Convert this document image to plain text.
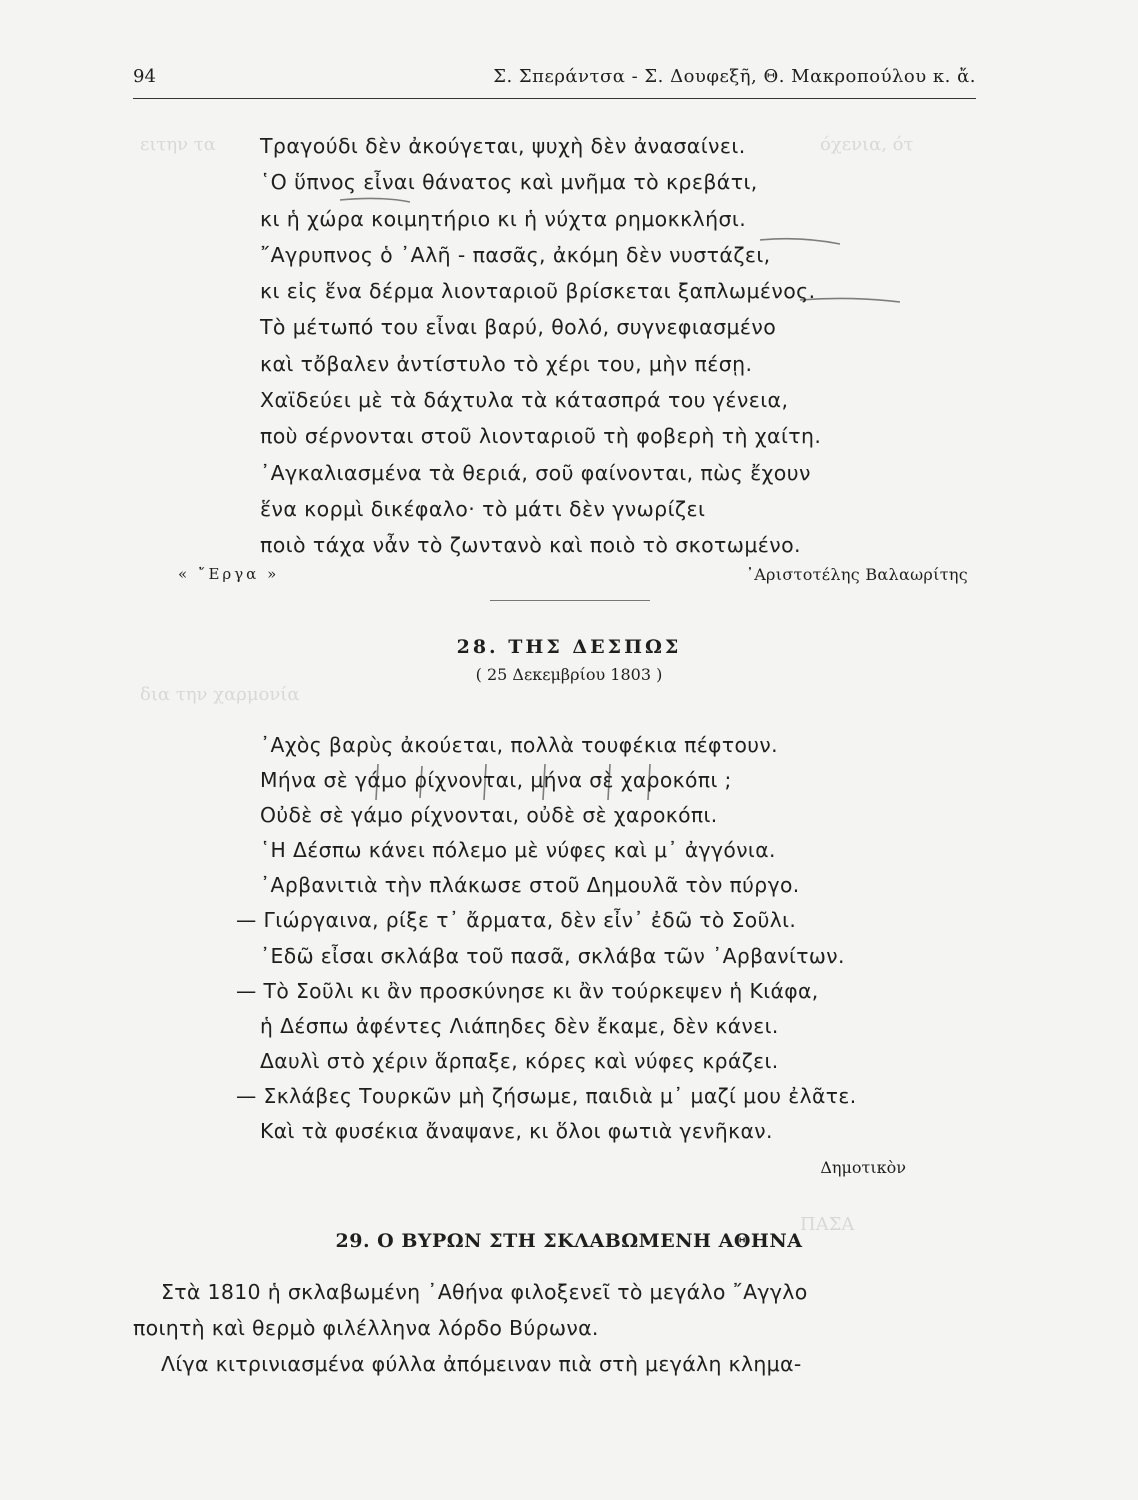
ειτην τα	όχενια, ότ
δια την χαρμονία
ΠΑΣΑ
94	Σ. Σπεράντσα - Σ. Δουφεξῆ, Θ. Μακροπούλου κ. ἄ.
Τραγούδι δὲν ἀκούγεται, ψυχὴ δὲν ἀνασαίνει.
῾Ο ὕπνος εἶναι θάνατος καὶ μνῆμα τὸ κρεβάτι,
κι ἡ χώρα κοιμητήριο κι ἡ νύχτα ρημοκκλήσι.
῎Αγρυπνος ὁ ᾿Αλῆ - πασᾶς, ἀκόμη δὲν νυστάζει,
κι εἰς ἕνα δέρμα λιονταριοῦ βρίσκεται ξαπλωμένος.
Τὸ μέτωπό του εἶναι βαρύ, θολό, συγνεφιασμένο
καὶ τὄβαλεν ἀντίστυλο τὸ χέρι του, μὴν πέσῃ.
Χαϊδεύει μὲ τὰ δάχτυλα τὰ κάτασπρά του γένεια,
ποὺ σέρνονται στοῦ λιονταριοῦ τὴ φοβερὴ τὴ χαίτη.
᾿Αγκαλιασμένα τὰ θεριά, σοῦ φαίνονται, πὼς ἔχουν
ἕνα κορμὶ δικέφαλο· τὸ μάτι δὲν γνωρίζει
ποιὸ τάχα νἆν τὸ ζωντανὸ καὶ ποιὸ τὸ σκοτωμένο.
« ῎Εργα »	᾿Αριστοτέλης Βαλαωρίτης
28. ΤΗΣ ΔΕΣΠΩΣ
( 25 Δεκεμβρίου 1803 )
᾿Αχὸς βαρὺς ἀκούεται, πολλὰ τουφέκια πέφτουν.
Μήνα σὲ γάμο ρίχνονται, μήνα σὲ χαροκόπι ;
Οὐδὲ σὲ γάμο ρίχνονται, οὐδὲ σὲ χαροκόπι.
῾Η Δέσπω κάνει πόλεμο μὲ νύφες καὶ μ᾿ ἀγγόνια.
᾿Αρβανιτιὰ τὴν πλάκωσε στοῦ Δημουλᾶ τὸν πύργο.
— Γιώργαινα, ρίξε τ᾿ ἄρματα, δὲν εἶν᾿ ἐδῶ τὸ Σοῦλι.
᾿Εδῶ εἶσαι σκλάβα τοῦ πασᾶ, σκλάβα τῶν ᾿Αρβανίτων.
— Τὸ Σοῦλι κι ἂν προσκύνησε κι ἂν τούρκεψεν ἡ Κιάφα,
ἡ Δέσπω ἀφέντες Λιάπηδες δὲν ἔκαμε, δὲν κάνει.
Δαυλὶ στὸ χέριν ἅρπαξε, κόρες καὶ νύφες κράζει.
— Σκλάβες Τουρκῶν μὴ ζήσωμε, παιδιὰ μ᾿ μαζί μου ἐλᾶτε.
Καὶ τὰ φυσέκια ἄναψανε, κι ὅλοι φωτιὰ γενῆκαν.
Δημοτικὸν
29. Ο ΒΥΡΩΝ ΣΤΗ ΣΚΛΑΒΩΜΕΝΗ ΑΘΗΝΑ

Στὰ 1810 ἡ σκλαβωμένη ᾿Αθήνα φιλοξενεῖ τὸ μεγάλο ῎Αγγλο

ποιητὴ καὶ θερμὸ φιλέλληνα λόρδο Βύρωνα.

Λίγα κιτρινιασμένα φύλλα ἀπόμειναν πιὰ στὴ μεγάλη κλημα-
